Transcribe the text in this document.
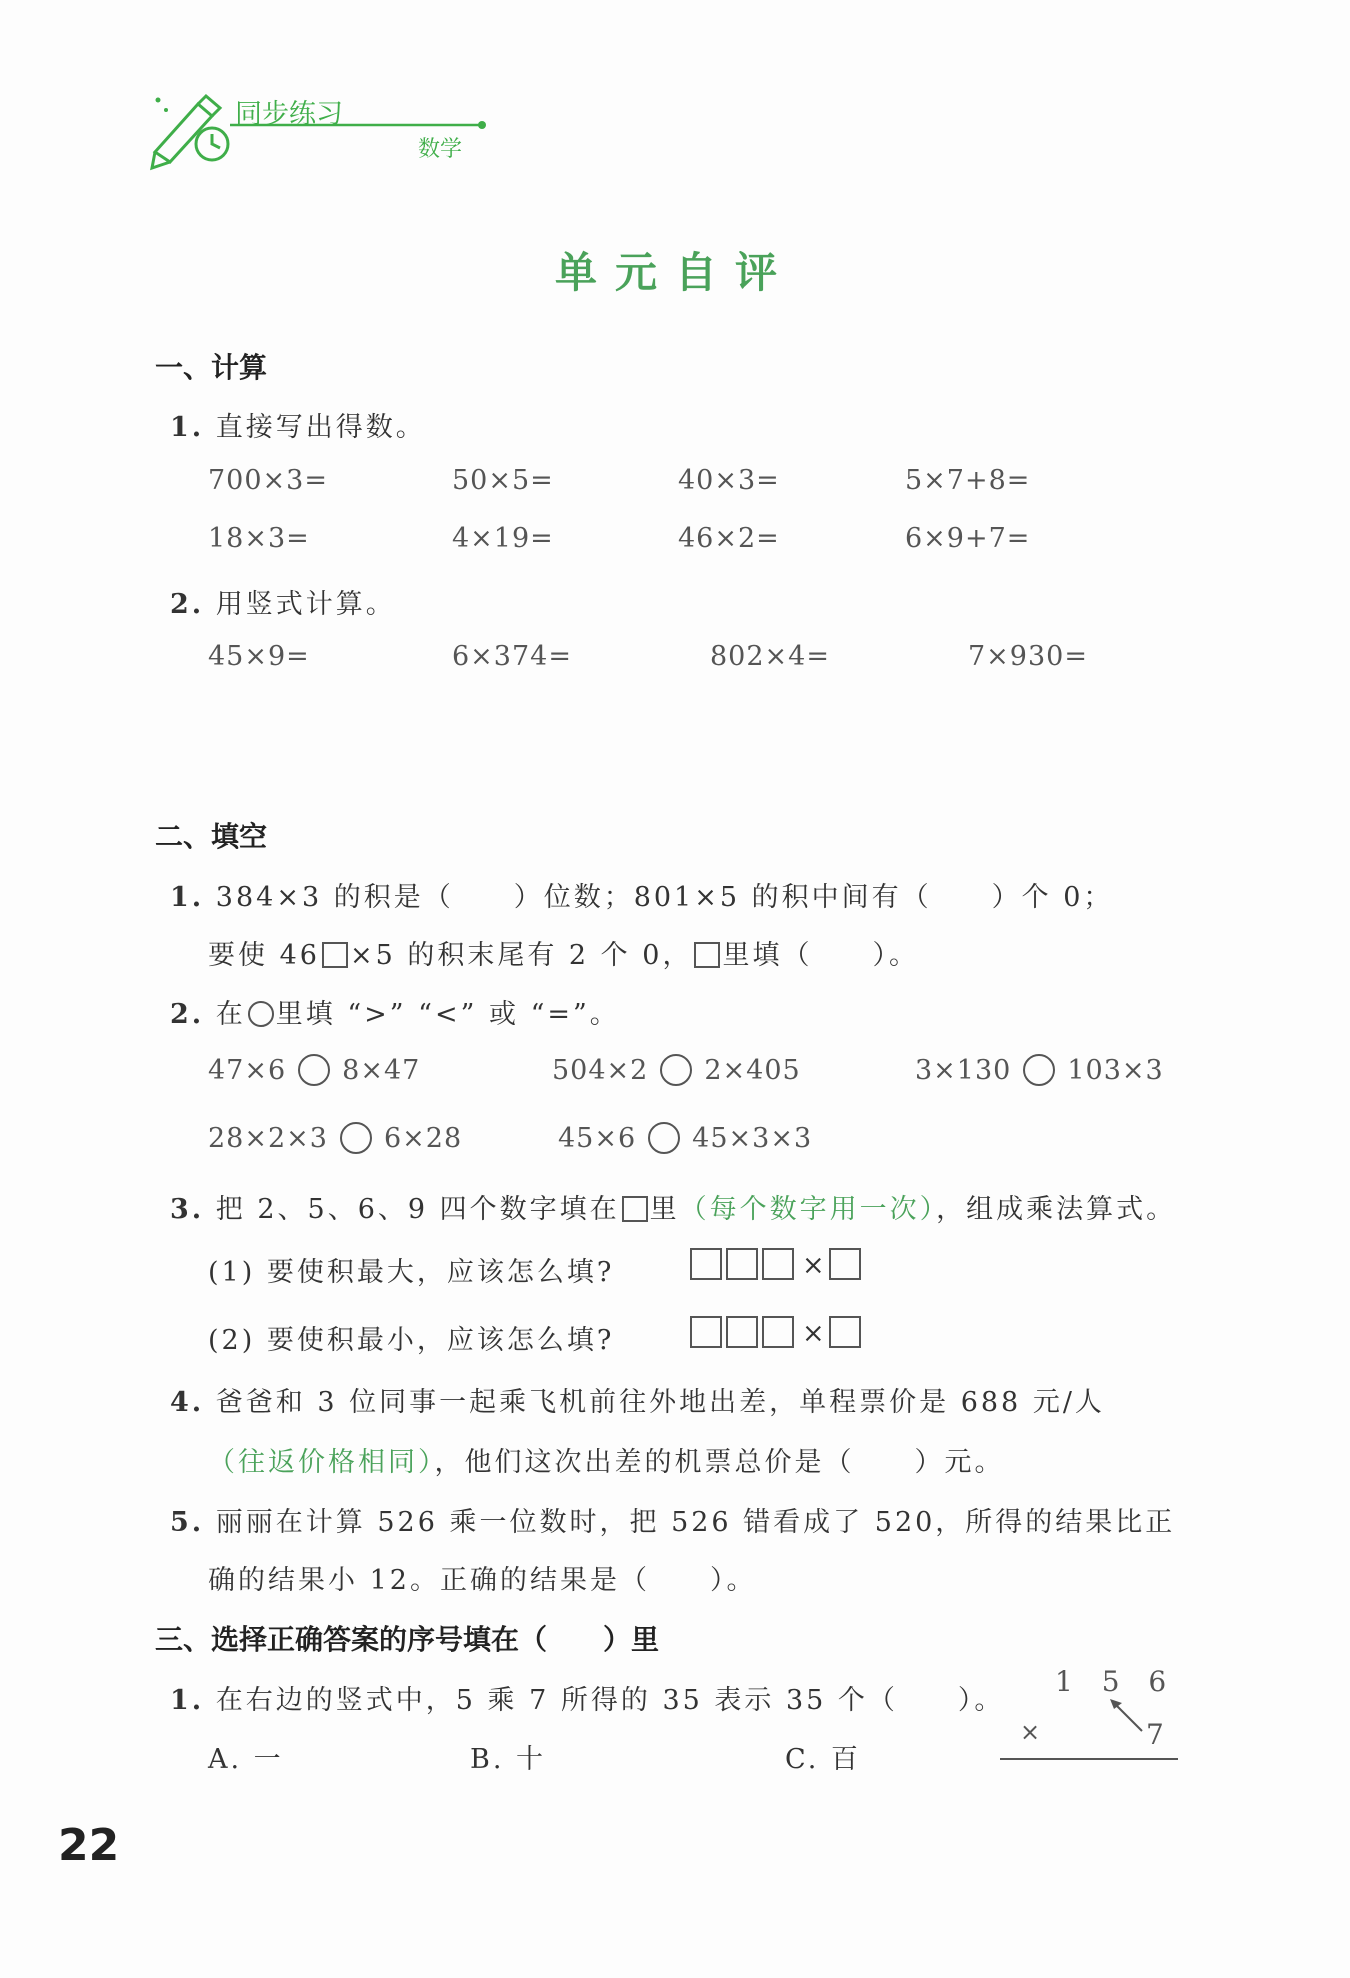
同步练习
数学
单元自评
一、计算
1. 直接写出得数。
700×3=	50×5=	40×3=	5×7+8=
18×3=	4×19=	46×2=	6×9+7=
2. 用竖式计算。
45×9=	6×374=	802×4=	7×930=
二、填空
1. 384×3 的积是（　　）位数；801×5 的积中间有（　　）个 0；
要使 46 ×5 的积末尾有 2 个 0， 里填（　　）。
2. 在 里填 “>” “<” 或 “=”。
47×6 8×47	504×2 2×405	3×130 103×3
28×2×3 6×28	45×6 45×3×3
3. 把 2、5、6、9 四个数字填在 里（每个数字用一次），组成乘法算式。
(1) 要使积最大，应该怎么填?	×
(2) 要使积最小，应该怎么填?	×
4. 爸爸和 3 位同事一起乘飞机前往外地出差，单程票价是 688 元/人
（往返价格相同），他们这次出差的机票总价是（　　）元。
5. 丽丽在计算 526 乘一位数时，把 526 错看成了 520，所得的结果比正
确的结果小 12。正确的结果是（　　）。
三、选择正确答案的序号填在（　　）里
1. 在右边的竖式中，5 乘 7 所得的 35 表示 35 个（　　）。
A. 一	B. 十	C. 百
1 5 6
×	7
22
